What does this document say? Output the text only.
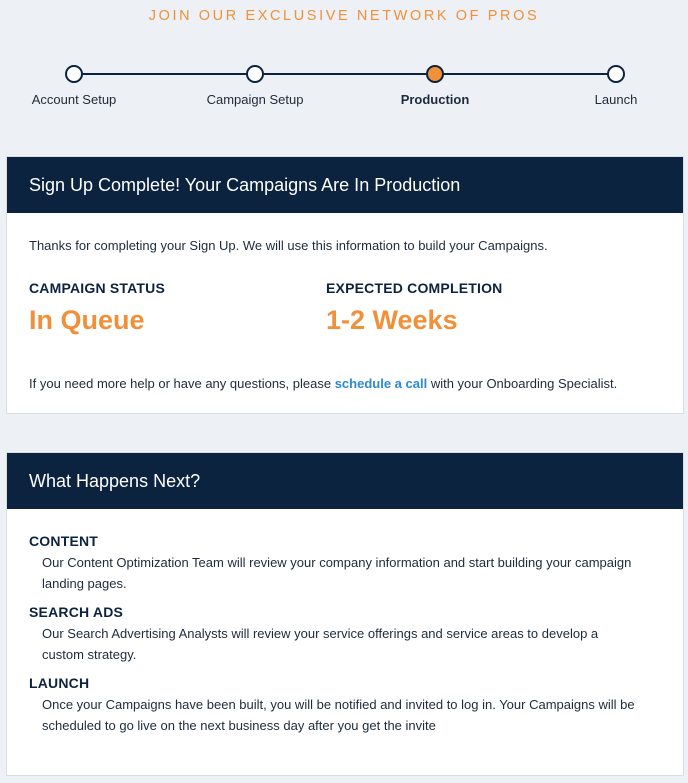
JOIN OUR EXCLUSIVE NETWORK OF PROS
Account Setup	Campaign Setup	Production	Launch
Sign Up Complete! Your Campaigns Are In Production

Thanks for completing your Sign Up. We will use this information to build your Campaigns.

CAMPAIGN STATUS
In Queue
EXPECTED COMPLETION
1-2 Weeks

If you need more help or have any questions, please schedule a call with your Onboarding Specialist.

What Happens Next?
CONTENT
Our Content Optimization Team will review your company information and start building your campaign landing pages.
SEARCH ADS
Our Search Advertising Analysts will review your service offerings and service areas to develop a custom strategy.
LAUNCH
Once your Campaigns have been built, you will be notified and invited to log in. Your Campaigns will be scheduled to go live on the next business day after you get the invite
